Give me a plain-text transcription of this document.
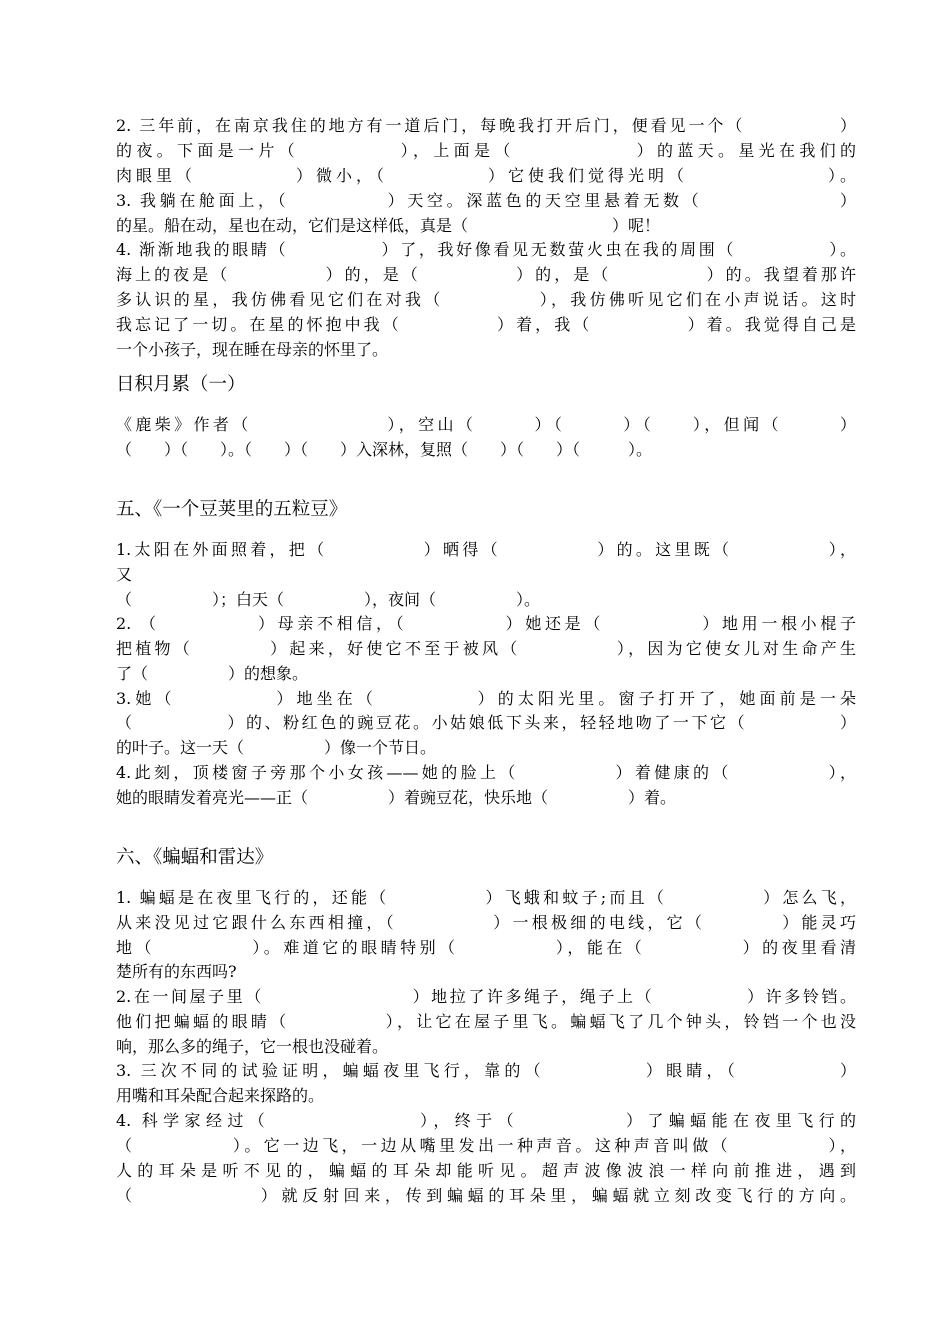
2. 三年前，在南京我住的地方有一道后门，每晚我打开后门，便看见一个（　　　　　）
的夜。下面是一片（　　　　　），上面是（　　　　　　）的蓝天。星光在我们的
肉眼里（　　　　　）微小，（　　　　　）它使我们觉得光明（　　　　　　　）。
3. 我躺在舱面上，（　　　　　）天空。深蓝色的天空里悬着无数（　　　　　　　）
的星。船在动，星也在动，它们是这样低，真是（　　　　　　　　　）呢！
4. 渐渐地我的眼睛（　　　　　）了，我好像看见无数萤火虫在我的周围（　　　　　）。
海上的夜是（　　　　　）的，是（　　　　　）的，是（　　　　　）的。我望着那许
多认识的星，我仿佛看见它们在对我（　　　　　），我仿佛听见它们在小声说话。这时
我忘记了一切。在星的怀抱中我（　　　　　）着，我（　　　　　）着。我觉得自己是
一个小孩子，现在睡在母亲的怀里了。
日积月累（一）
《鹿柴》作者（　　　　　　　），空山（　　　）（　　　）（　　），但闻（　　　）
（　　）（　　）。（　　）（　　）入深林，复照（　　）（　　）（　　　）。
五、《一个豆荚里的五粒豆》
1.太阳在外面照着，把（　　　　　）晒得（　　　　　）的。这里既（　　　　　），
又
（　　　　　）；白天（　　　　　），夜间（　　　　　）。
2. （　　　　　）母亲不相信，（　　　　　）她还是（　　　　　）地用一根小棍子
把植物（　　　　）起来，好使它不至于被风（　　　　　），因为它使女儿对生命产生
了（　　　　　）的想象。
3.她（　　　　　）地坐在（　　　　　）的太阳光里。窗子打开了，她面前是一朵
（　　　　　）的、粉红色的豌豆花。小姑娘低下头来，轻轻地吻了一下它（　　　　　）
的叶子。这一天（　　　　　）像一个节日。
4.此刻，顶楼窗子旁那个小女孩——她的脸上（　　　　　）着健康的（　　　　　），
她的眼睛发着亮光——正（　　　　　）着豌豆花，快乐地（　　　　　）着。
六、《蝙蝠和雷达》
1. 蝙蝠是在夜里飞行的，还能（　　　　　）飞蛾和蚊子;而且（　　　　　）怎么飞，
从来没见过它跟什么东西相撞，（　　　　　）一根极细的电线，它（　　　　）能灵巧
地（　　　　　）。难道它的眼睛特别（　　　　　），能在（　　　　　）的夜里看清
楚所有的东西吗?
2.在一间屋子里（　　　　　　　　）地拉了许多绳子，绳子上（　　　　　）许多铃铛。
他们把蝙蝠的眼睛（　　　　　），让它在屋子里飞。蝙蝠飞了几个钟头，铃铛一个也没
响，那么多的绳子，它一根也没碰着。
3. 三次不同的试验证明，蝙蝠夜里飞行，靠的（　　　　　）眼睛，（　　　　　）
用嘴和耳朵配合起来探路的。
4. 科学家经过（　　　　　　　），终于（　　　　　）了蝙蝠能在夜里飞行的
（　　　　　）。它一边飞，一边从嘴里发出一种声音。这种声音叫做（　　　　　），
人的耳朵是听不见的，蝙蝠的耳朵却能听见。超声波像波浪一样向前推进，遇到
（　　　　　　）就反射回来，传到蝙蝠的耳朵里，蝙蝠就立刻改变飞行的方向。
